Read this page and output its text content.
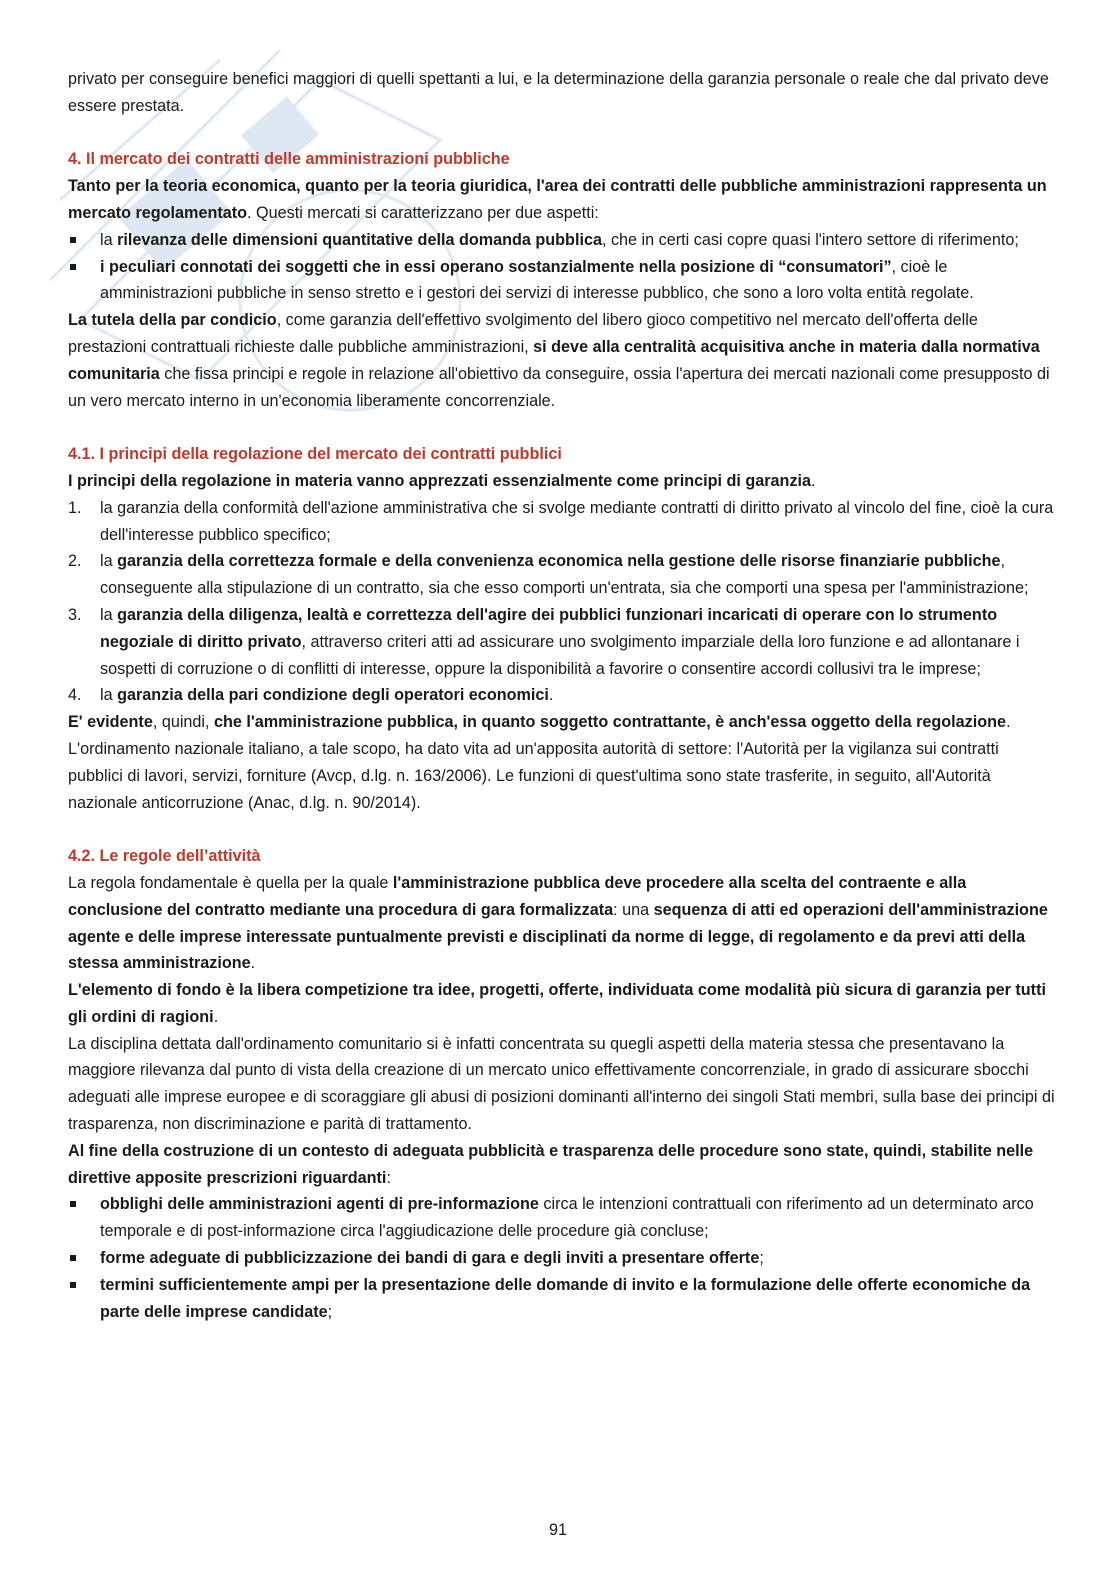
privato per conseguire benefici maggiori di quelli spettanti a lui, e la determinazione della garanzia personale o reale che dal privato deve essere prestata.

4. Il mercato dei contratti delle amministrazioni pubbliche

Tanto per la teoria economica, quanto per la teoria giuridica, l'area dei contratti delle pubbliche amministrazioni rappresenta un mercato regolamentato. Questi mercati si caratterizzano per due aspetti:

la rilevanza delle dimensioni quantitative della domanda pubblica, che in certi casi copre quasi l'intero settore di riferimento;
i peculiari connotati dei soggetti che in essi operano sostanzialmente nella posizione di “consumatori”, cioè le amministrazioni pubbliche in senso stretto e i gestori dei servizi di interesse pubblico, che sono a loro volta entità regolate.

La tutela della par condicio, come garanzia dell'effettivo svolgimento del libero gioco competitivo nel mercato dell'offerta delle prestazioni contrattuali richieste dalle pubbliche amministrazioni, si deve alla centralità acquisitiva anche in materia dalla normativa comunitaria che fissa principi e regole in relazione all'obiettivo da conseguire, ossia l'apertura dei mercati nazionali come presupposto di un vero mercato interno in un'economia liberamente concorrenziale.

4.1. I principi della regolazione del mercato dei contratti pubblici

I principi della regolazione in materia vanno apprezzati essenzialmente come principi di garanzia.

1. la garanzia della conformità dell'azione amministrativa che si svolge mediante contratti di diritto privato al vincolo del fine, cioè la cura dell'interesse pubblico specifico;
2. la garanzia della correttezza formale e della convenienza economica nella gestione delle risorse finanziarie pubbliche, conseguente alla stipulazione di un contratto, sia che esso comporti un'entrata, sia che comporti una spesa per l'amministrazione;
3. la garanzia della diligenza, lealtà e correttezza dell'agire dei pubblici funzionari incaricati di operare con lo strumento negoziale di diritto privato, attraverso criteri atti ad assicurare uno svolgimento imparziale della loro funzione e ad allontanare i sospetti di corruzione o di conflitti di interesse, oppure la disponibilità a favorire o consentire accordi collusivi tra le imprese;
4. la garanzia della pari condizione degli operatori economici.

E' evidente, quindi, che l'amministrazione pubblica, in quanto soggetto contrattante, è anch'essa oggetto della regolazione. L'ordinamento nazionale italiano, a tale scopo, ha dato vita ad un'apposita autorità di settore: l'Autorità per la vigilanza sui contratti pubblici di lavori, servizi, forniture (Avcp, d.lg. n. 163/2006). Le funzioni di quest'ultima sono state trasferite, in seguito, all'Autorità nazionale anticorruzione (Anac, d.lg. n. 90/2014).

4.2. Le regole dell’attività

La regola fondamentale è quella per la quale l'amministrazione pubblica deve procedere alla scelta del contraente e alla conclusione del contratto mediante una procedura di gara formalizzata: una sequenza di atti ed operazioni dell'amministrazione agente e delle imprese interessate puntualmente previsti e disciplinati da norme di legge, di regolamento e da previ atti della stessa amministrazione.

L'elemento di fondo è la libera competizione tra idee, progetti, offerte, individuata come modalità più sicura di garanzia per tutti gli ordini di ragioni.

La disciplina dettata dall'ordinamento comunitario si è infatti concentrata su quegli aspetti della materia stessa che presentavano la maggiore rilevanza dal punto di vista della creazione di un mercato unico effettivamente concorrenziale, in grado di assicurare sbocchi adeguati alle imprese europee e di scoraggiare gli abusi di posizioni dominanti all'interno dei singoli Stati membri, sulla base dei principi di trasparenza, non discriminazione e parità di trattamento.

Al fine della costruzione di un contesto di adeguata pubblicità e trasparenza delle procedure sono state, quindi, stabilite nelle direttive apposite prescrizioni riguardanti:

obblighi delle amministrazioni agenti di pre-informazione circa le intenzioni contrattuali con riferimento ad un determinato arco temporale e di post-informazione circa l'aggiudicazione delle procedure già concluse;
forme adeguate di pubblicizzazione dei bandi di gara e degli inviti a presentare offerte;
termini sufficientemente ampi per la presentazione delle domande di invito e la formulazione delle offerte economiche da parte delle imprese candidate;
91
